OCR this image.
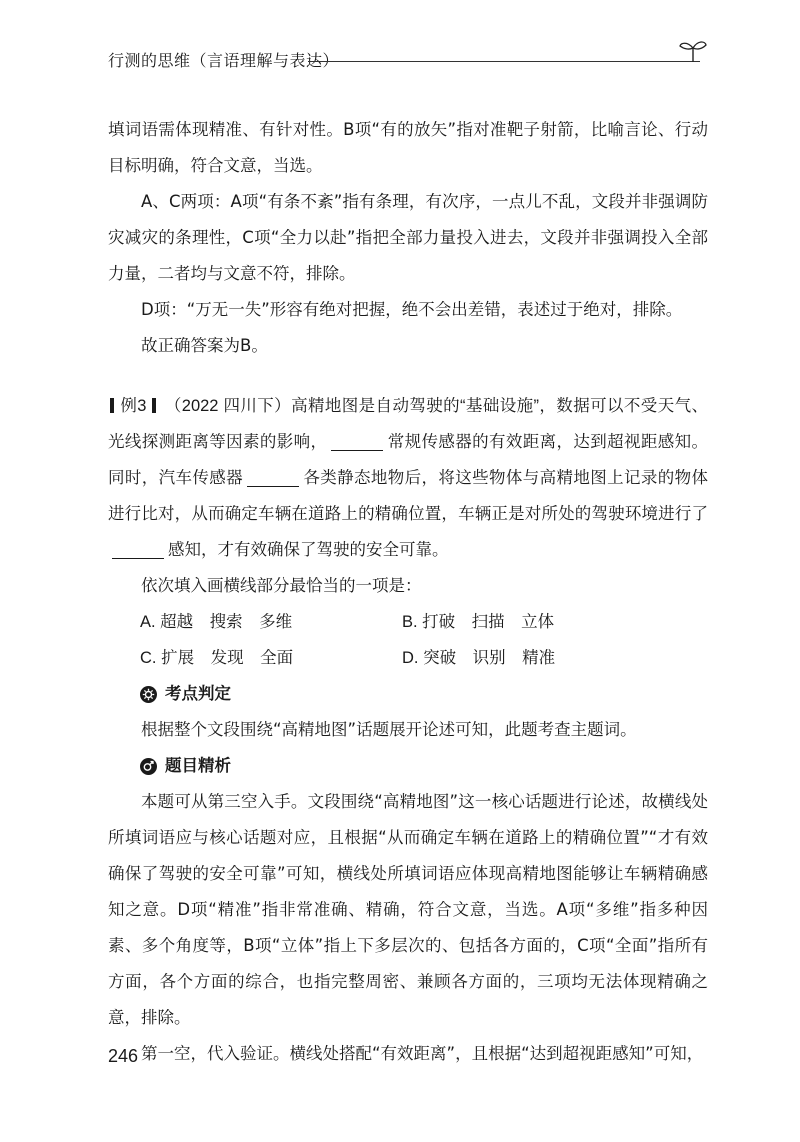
行测的思维（言语理解与表达）

填词语需体现精准、有针对性。B项“有的放矢”指对准靶子射箭，比喻言论、行动目标明确，符合文意，当选。

A、C两项：A项“有条不紊”指有条理，有次序，一点儿不乱，文段并非强调防灾减灾的条理性，C项“全力以赴”指把全部力量投入进去，文段并非强调投入全部力量，二者均与文意不符，排除。

D项：“万无一失”形容有绝对把握，绝不会出差错，表述过于绝对，排除。

故正确答案为B。

例3 （2022 四川下）高精地图是自动驾驶的“基础设施”，数据可以不受天气、光线探测距离等因素的影响，	常规传感器的有效距离，达到超视距感知。同时，汽车传感器	各类静态地物后，将这些物体与高精地图上记录的物体进行比对，从而确定车辆在道路上的精确位置，车辆正是对所处的驾驶环境进行了感知，才有效确保了驾驶的安全可靠。

依次填入画横线部分最恰当的一项是：

A. 超越　搜索　多维	B. 打破　扫描　立体
C. 扩展　发现　全面	D. 突破　识别　精准
考点判定

根据整个文段围绕“高精地图”话题展开论述可知，此题考查主题词。

题目精析

本题可从第三空入手。文段围绕“高精地图”这一核心话题进行论述，故横线处所填词语应与核心话题对应，且根据“从而确定车辆在道路上的精确位置”“才有效确保了驾驶的安全可靠”可知，横线处所填词语应体现高精地图能够让车辆精确感知之意。D项“精准”指非常准确、精确，符合文意，当选。A项“多维”指多种因素、多个角度等，B项“立体”指上下多层次的、包括各方面的，C项“全面”指所有方面，各个方面的综合，也指完整周密、兼顾各方面的，三项均无法体现精确之意，排除。

第一空，代入验证。横线处搭配“有效距离”，且根据“达到超视距感知”可知，

246
